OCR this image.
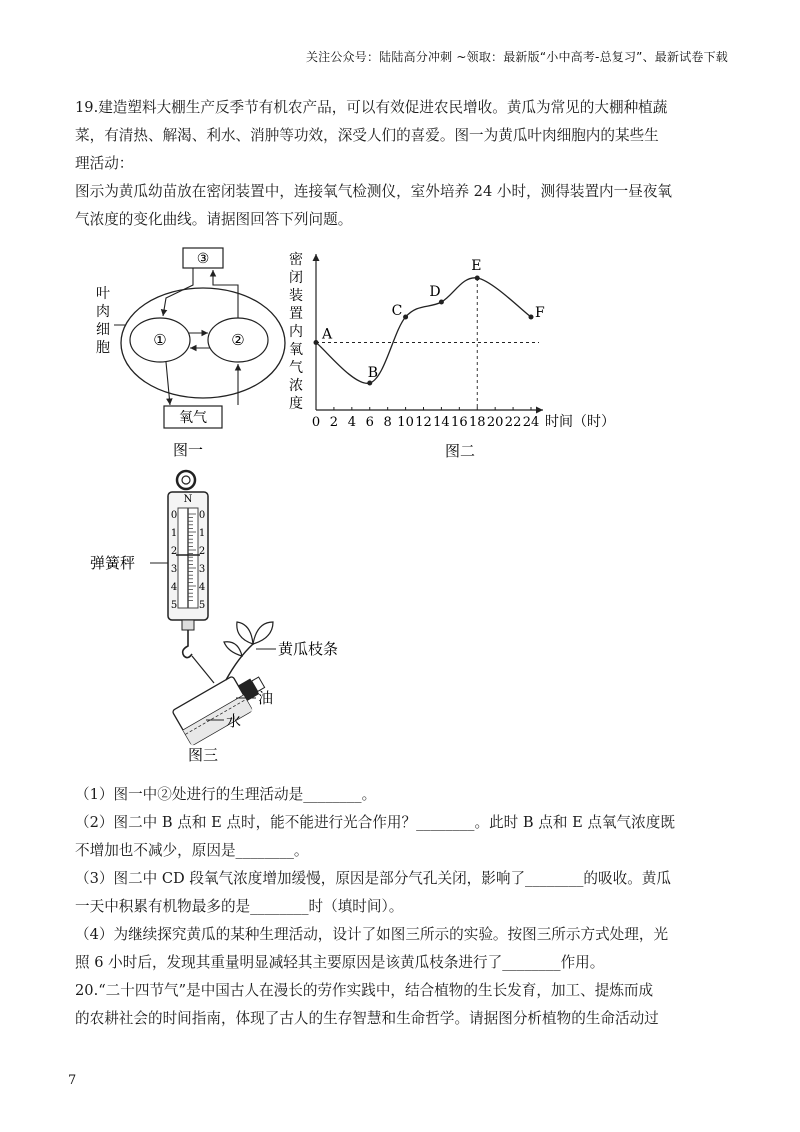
关注公众号：陆陆高分冲刺 ~领取：最新版“小中高考-总复习”、最新试卷下载
19.建造塑料大棚生产反季节有机农产品，可以有效促进农民增收。黄瓜为常见的大棚种植蔬
菜，有清热、解渴、利水、消肿等功效，深受人们的喜爱。图一为黄瓜叶肉细胞内的某些生
理活动：
图示为黄瓜幼苗放在密闭装置中，连接氧气检测仪，室外培养 24 小时，测得装置内一昼夜氧
气浓度的变化曲线。请据图回答下列问题。
③
①	②
氧气
叶
肉
细
胞
图一
密
闭
装
置
内
氧
气
浓
度
0 2 4 6 8 10 12 14 16 18 20 22 24
A
B
C
D
E
F
时间（时）
图二
N
0 0
1 1
2 2
3 3
4 4
5 5
弹簧秤
黄瓜枝条
油
水
图三
（1）图一中②处进行的生理活动是________。
（2）图二中 B 点和 E 点时，能不能进行光合作用？________。此时 B 点和 E 点氧气浓度既
不增加也不减少，原因是________。
（3）图二中 CD 段氧气浓度增加缓慢，原因是部分气孔关闭，影响了________的吸收。黄瓜
一天中积累有机物最多的是________时（填时间）。
（4）为继续探究黄瓜的某种生理活动，设计了如图三所示的实验。按图三所示方式处理，光
照 6 小时后，发现其重量明显减轻其主要原因是该黄瓜枝条进行了________作用。
20.“二十四节气”是中国古人在漫长的劳作实践中，结合植物的生长发育，加工、提炼而成
的农耕社会的时间指南，体现了古人的生存智慧和生命哲学。请据图分析植物的生命活动过
7
